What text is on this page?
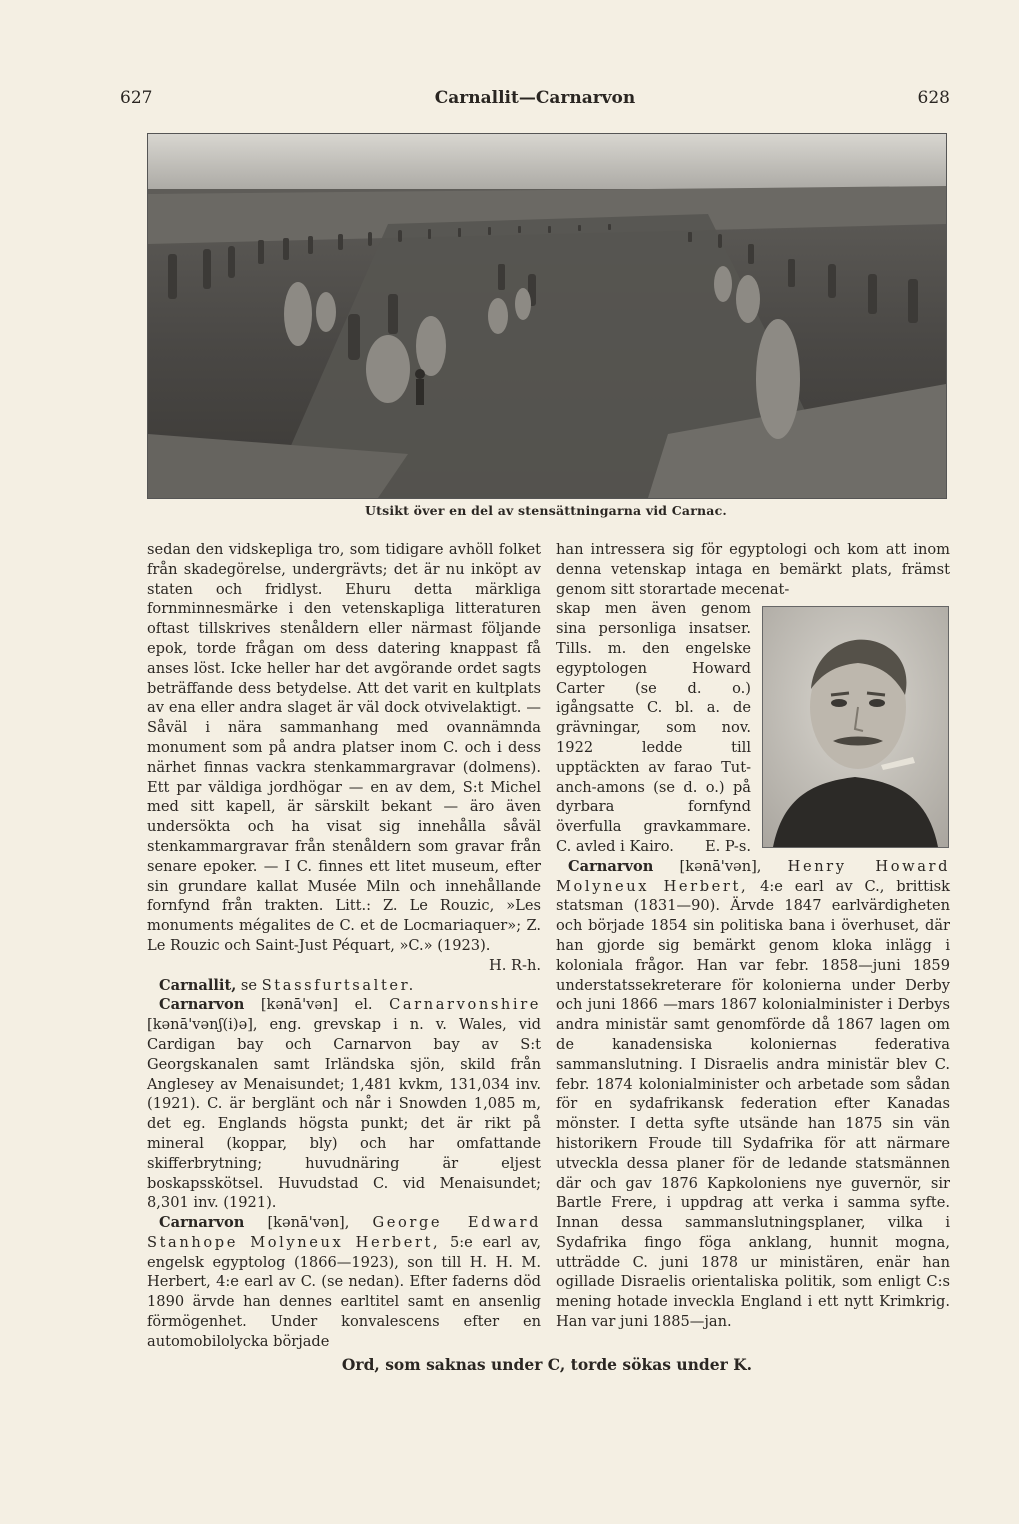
627	Carnallit—Carnarvon	628
Utsikt över en del av stensättningarna vid Carnac.

sedan den vidskepliga tro, som tidigare avhöll folket från skadegörelse, undergrävts; det är nu inköpt av staten och fridlyst. Ehuru detta märkliga fornminnesmärke i den vetenskapliga litteraturen oftast tillskrives stenåldern eller närmast följande epok, torde frågan om dess datering knappast få anses löst. Icke heller har det avgörande ordet sagts beträffande dess betydelse. Att det varit en kultplats av ena eller andra slaget är väl dock otvivelaktigt. — Såväl i nära sammanhang med ovannämnda monument som på andra platser inom C. och i dess närhet finnas vackra stenkammargravar (dolmens). Ett par väldiga jordhögar — en av dem, S:t Michel med sitt kapell, är särskilt bekant — äro även undersökta och ha visat sig innehålla såväl stenkammargravar från stenåldern som gravar från senare epoker. — I C. finnes ett litet museum, efter sin grundare kallat Musée Miln och innehållande fornfynd från trakten. Litt.: Z. Le Rouzic, »Les monuments mégalites de C. et de Locmariaquer»; Z. Le Rouzic och Saint-Just Péquart, »C.» (1923).
H. R-h.

Carnallit, se Stassfurtsalter.

Carnarvon [kənā'vən] el. Carnarvonshire [kənā'vənʃ(i)ə], eng. grevskap i n. v. Wales, vid Cardigan bay och Carnarvon bay av S:t Georgskanalen samt Irländska sjön, skild från Anglesey av Menaisundet; 1,481 kvkm, 131,034 inv. (1921). C. är berglänt och når i Snowden 1,085 m, det eg. Englands högsta punkt; det är rikt på mineral (koppar, bly) och har omfattande skifferbrytning; huvudnäring är eljest boskapsskötsel. Huvudstad C. vid Menaisundet; 8,301 inv. (1921).

Carnarvon [kənā'vən], George Edward Stanhope Molyneux Herbert, 5:e earl av, engelsk egyptolog (1866—1923), son till H. H. M. Herbert, 4:e earl av C. (se nedan). Efter faderns död 1890 ärvde han dennes earltitel samt en ansenlig förmögenhet. Under konvalescens efter en automobilolycka började

han intressera sig för egyptologi och kom att inom denna vetenskap intaga en bemärkt plats, främst genom sitt storartade mecenat-

skap men även genom sina personliga insatser. Tills. m. den engelske egyptologen Howard Carter (se d. o.) igångsatte C. bl. a. de grävningar, som nov. 1922 ledde till upptäckten av farao Tut-anch-amons (se d. o.) på dyrbara fornfynd överfulla gravkammare. C. avled i Kairo. E. P-s.

Carnarvon [kənā'vən], Henry Howard Molyneux Herbert, 4:e earl av C., brittisk statsman (1831—90). Ärvde 1847 earlvärdigheten och började 1854 sin politiska bana i överhuset, där han gjorde sig bemärkt genom kloka inlägg i koloniala frågor. Han var febr. 1858—juni 1859 understatssekreterare för kolonierna under Derby och juni 1866 —mars 1867 kolonialminister i Derbys andra ministär samt genomförde då 1867 lagen om de kanadensiska koloniernas federativa sammanslutning. I Disraelis andra ministär blev C. febr. 1874 kolonialminister och arbetade som sådan för en sydafrikansk federation efter Kanadas mönster. I detta syfte utsände han 1875 sin vän historikern Froude till Sydafrika för att närmare utveckla dessa planer för de ledande statsmännen där och gav 1876 Kapkoloniens nye guvernör, sir Bartle Frere, i uppdrag att verka i samma syfte. Innan dessa sammanslutningsplaner, vilka i Sydafrika fingo föga anklang, hunnit mogna, utträdde C. juni 1878 ur ministären, enär han ogillade Disraelis orientaliska politik, som enligt C:s mening hotade inveckla England i ett nytt Krimkrig. Han var juni 1885—jan.

Ord, som saknas under C, torde sökas under K.
